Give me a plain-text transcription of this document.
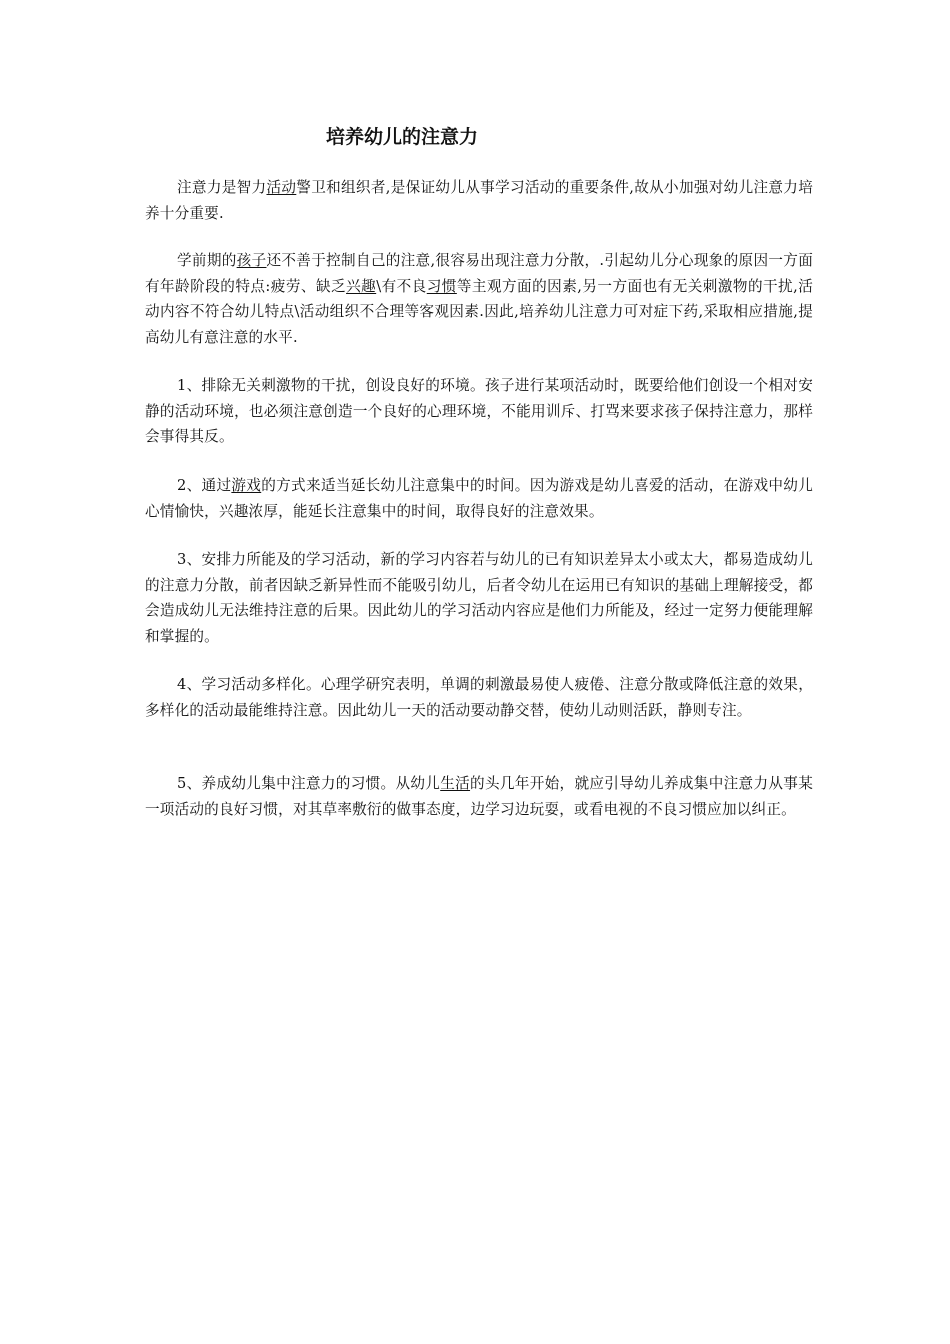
培养幼儿的注意力

注意力是智力活动警卫和组织者,是保证幼儿从事学习活动的重要条件,故从小加强对幼儿注意力培养十分重要.

学前期的孩子还不善于控制自己的注意,很容易出现注意力分散，.引起幼儿分心现象的原因一方面有年龄阶段的特点:疲劳、缺乏兴趣\有不良习惯等主观方面的因素,另一方面也有无关刺激物的干扰,活动内容不符合幼儿特点\活动组织不合理等客观因素.因此,培养幼儿注意力可对症下药,采取相应措施,提高幼儿有意注意的水平.

1、排除无关刺激物的干扰，创设良好的环境。孩子进行某项活动时，既要给他们创设一个相对安静的活动环境，也必须注意创造一个良好的心理环境，不能用训斥、打骂来要求孩子保持注意力，那样会事得其反。

2、通过游戏的方式来适当延长幼儿注意集中的时间。因为游戏是幼儿喜爱的活动，在游戏中幼儿心情愉快，兴趣浓厚，能延长注意集中的时间，取得良好的注意效果。

3、安排力所能及的学习活动，新的学习内容若与幼儿的已有知识差异太小或太大，都易造成幼儿的注意力分散，前者因缺乏新异性而不能吸引幼儿，后者令幼儿在运用已有知识的基础上理解接受，都会造成幼儿无法维持注意的后果。因此幼儿的学习活动内容应是他们力所能及，经过一定努力便能理解和掌握的。

4、学习活动多样化。心理学研究表明，单调的刺激最易使人疲倦、注意分散或降低注意的效果，多样化的活动最能维持注意。因此幼儿一天的活动要动静交替，使幼儿动则活跃，静则专注。

5、养成幼儿集中注意力的习惯。从幼儿生活的头几年开始，就应引导幼儿养成集中注意力从事某一项活动的良好习惯，对其草率敷衍的做事态度，边学习边玩耍，或看电视的不良习惯应加以纠正。
